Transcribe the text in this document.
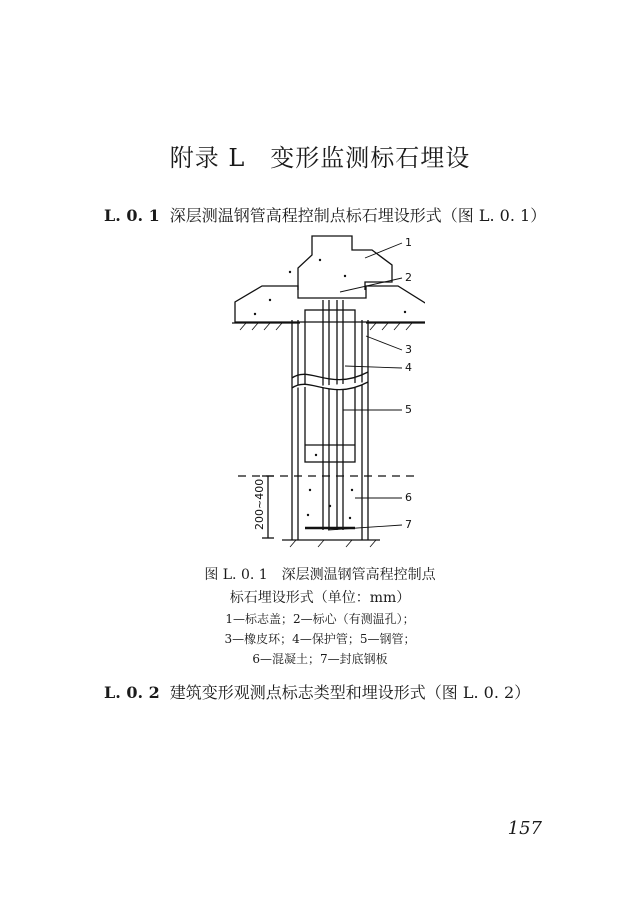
附录 L　变形监测标石埋设
L. 0. 1 深层测温钢管高程控制点标石埋设形式（图 L. 0. 1）
1
2
3
4
5
6
7
200~400
图 L. 0. 1　深层测温钢管高程控制点
标石埋设形式（单位：mm）
1—标志盖；2—标心（有测温孔）；
3—橡皮环；4—保护管；5—钢管；
6—混凝土；7—封底钢板
L. 0. 2 建筑变形观测点标志类型和埋设形式（图 L. 0. 2）
157
